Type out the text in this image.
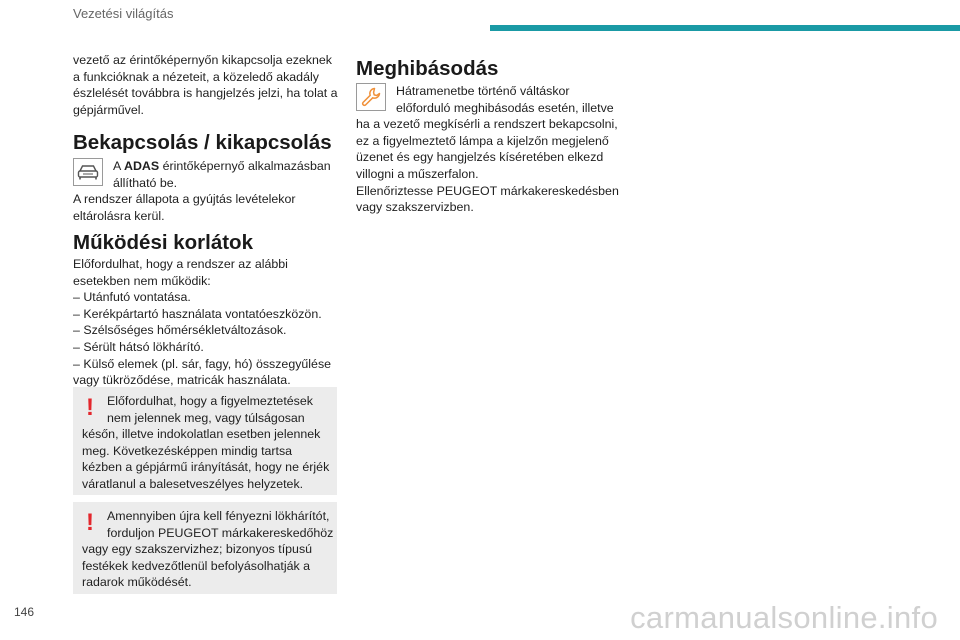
Vezetési világítás

vezető az érintőképernyőn kikapcsolja ezeknek

a funkcióknak a nézeteit, a közeledő akadály

észlelését továbbra is hangjelzés jelzi, ha tolat a

gépjárművel.

Bekapcsolás / kikapcsolás

A ADAS érintőképernyő alkalmazásban

állítható be.

A rendszer állapota a gyújtás levételekor

eltárolásra kerül.

Működési korlátok

Előfordulhat, hogy a rendszer az alábbi

esetekben nem működik:

– Utánfutó vontatása.

– Kerékpártartó használata vontatóeszközön.

– Szélsőséges hőmérsékletváltozások.

– Sérült hátsó lökhárító.

– Külső elemek (pl. sár, fagy, hó) összegyűlése

vagy tükröződése, matricák használata.

!	Előfordulhat, hogy a figyelmeztetések

nem jelennek meg, vagy túlságosan

későn, illetve indokolatlan esetben jelennek

meg. Következésképpen mindig tartsa

kézben a gépjármű irányítását, hogy ne érjék

váratlanul a balesetveszélyes helyzetek.

!	Amennyiben újra kell fényezni lökhárítót,

forduljon PEUGEOT márkakereskedőhöz

vagy egy szakszervizhez; bizonyos típusú

festékek kedvezőtlenül befolyásolhatják a

radarok működését.

Meghibásodás

Hátramenetbe történő váltáskor

előforduló meghibásodás esetén, illetve

ha a vezető megkísérli a rendszert bekapcsolni,

ez a figyelmeztető lámpa a kijelzőn megjelenő

üzenet és egy hangjelzés kíséretében elkezd

villogni a műszerfalon.

Ellenőriztesse PEUGEOT márkakereskedésben

vagy szakszervizben.

146	carmanualsonline.info
